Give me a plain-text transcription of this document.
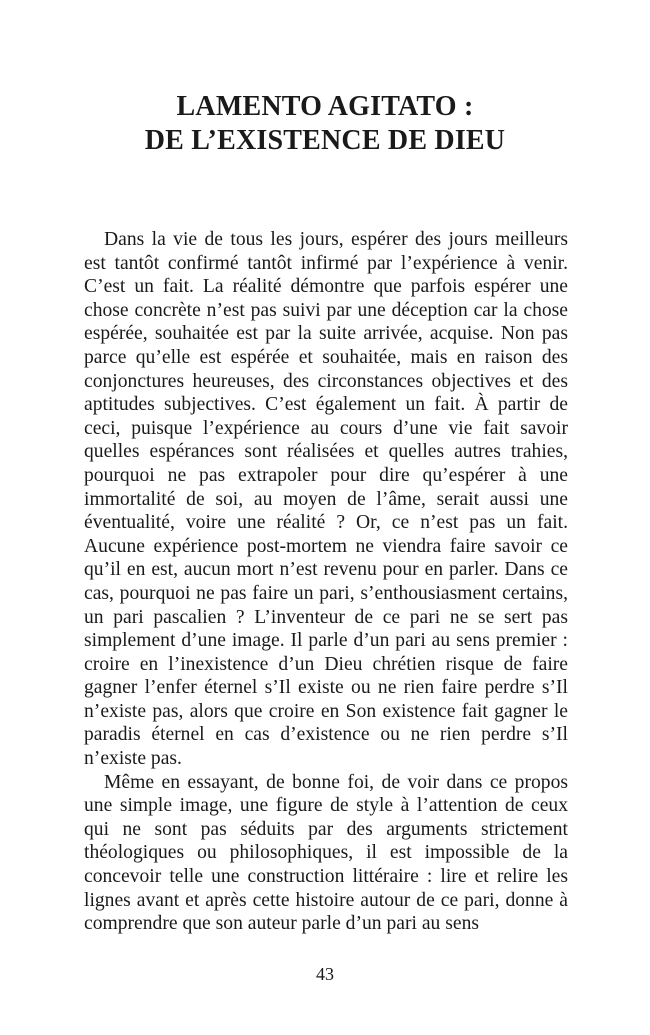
LAMENTO AGITATO :
DE L’EXISTENCE DE DIEU

Dans la vie de tous les jours, espérer des jours meilleurs est tantôt confirmé tantôt infirmé par l’expérience à venir. C’est un fait. La réalité démontre que parfois espérer une chose concrète n’est pas suivi par une déception car la chose espérée, souhaitée est par la suite arrivée, acquise. Non pas parce qu’elle est espérée et souhaitée, mais en raison des conjonctures heureuses, des circonstances objectives et des aptitudes subjectives. C’est également un fait. À partir de ceci, puisque l’expérience au cours d’une vie fait savoir quelles espérances sont réalisées et quelles autres trahies, pourquoi ne pas extrapoler pour dire qu’espérer à une immortalité de soi, au moyen de l’âme, serait aussi une éventualité, voire une réalité ? Or, ce n’est pas un fait. Aucune expérience post-mortem ne viendra faire savoir ce qu’il en est, aucun mort n’est revenu pour en parler. Dans ce cas, pourquoi ne pas faire un pari, s’enthousiasment certains, un pari pascalien ? L’inventeur de ce pari ne se sert pas simplement d’une image. Il parle d’un pari au sens premier : croire en l’inexistence d’un Dieu chrétien risque de faire gagner l’enfer éternel s’Il existe ou ne rien faire perdre s’Il n’existe pas, alors que croire en Son existence fait gagner le paradis éternel en cas d’existence ou ne rien perdre s’Il n’existe pas.

Même en essayant, de bonne foi, de voir dans ce propos une simple image, une figure de style à l’attention de ceux qui ne sont pas séduits par des arguments strictement théologiques ou philosophiques, il est impossible de la concevoir telle une construction littéraire : lire et relire les lignes avant et après cette histoire autour de ce pari, donne à comprendre que son auteur parle d’un pari au sens

43
